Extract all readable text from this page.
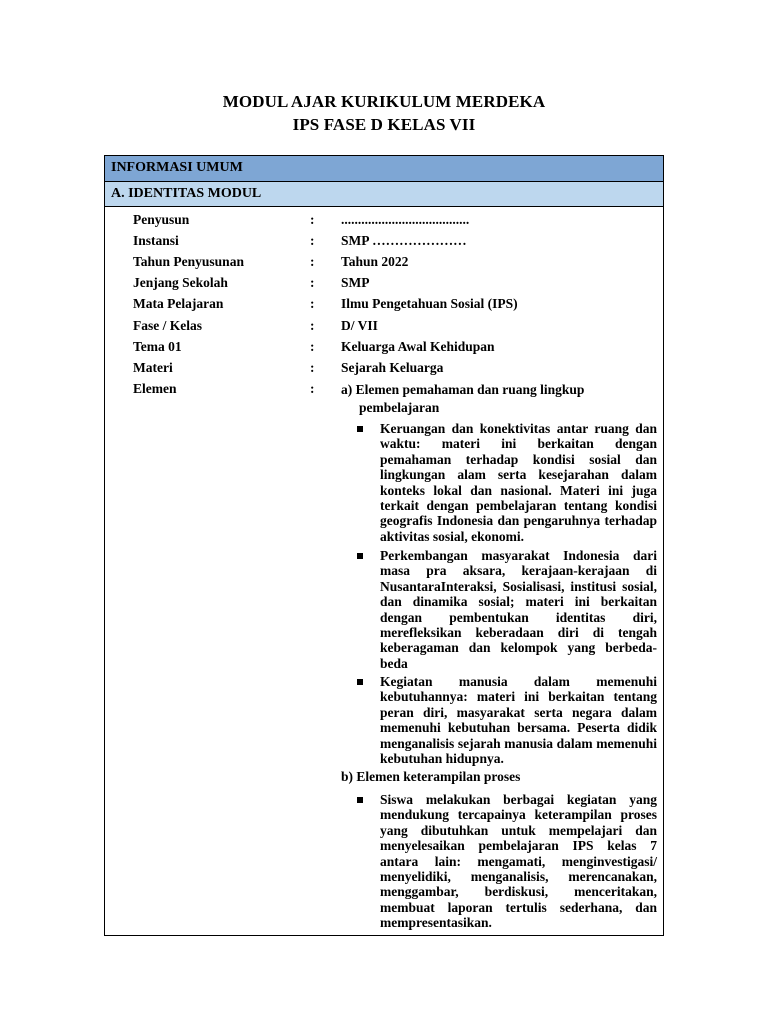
MODUL AJAR KURIKULUM MERDEKA
IPS FASE D KELAS VII
INFORMASI UMUM
A. IDENTITAS MODUL
Penyusun	: ......................................
Instansi	: SMP …………………
Tahun Penyusunan	: Tahun 2022
Jenjang Sekolah	: SMP
Mata Pelajaran	: Ilmu Pengetahuan Sosial (IPS)
Fase / Kelas	: D/ VII
Tema 01	: Keluarga Awal Kehidupan
Materi	: Sejarah Keluarga
Elemen	: a) Elemen pemahaman dan ruang lingkup
pembelajaran
Keruangan dan konektivitas antar ruang dan waktu: materi ini berkaitan dengan pemahaman terhadap kondisi sosial dan lingkungan alam serta kesejarahan dalam konteks lokal dan nasional. Materi ini juga terkait dengan pembelajaran tentang kondisi geografis Indonesia dan pengaruhnya terhadap aktivitas sosial, ekonomi.
Perkembangan masyarakat Indonesia dari masa pra aksara, kerajaan-kerajaan di NusantaraInteraksi, Sosialisasi, institusi sosial, dan dinamika sosial; materi ini berkaitan dengan pembentukan identitas diri, merefleksikan keberadaan diri di tengah keberagaman dan kelompok yang berbeda-beda
Kegiatan manusia dalam memenuhi kebutuhannya: materi ini berkaitan tentang peran diri, masyarakat serta negara dalam memenuhi kebutuhan bersama. Peserta didik menganalisis sejarah manusia dalam memenuhi kebutuhan hidupnya.
b) Elemen keterampilan proses
Siswa melakukan berbagai kegiatan yang mendukung tercapainya keterampilan proses yang dibutuhkan untuk mempelajari dan menyelesaikan pembelajaran IPS kelas 7 antara lain: mengamati, menginvestigasi/ menyelidiki, menganalisis, merencanakan, menggambar, berdiskusi, menceritakan, membuat laporan tertulis sederhana, dan mempresentasikan.
